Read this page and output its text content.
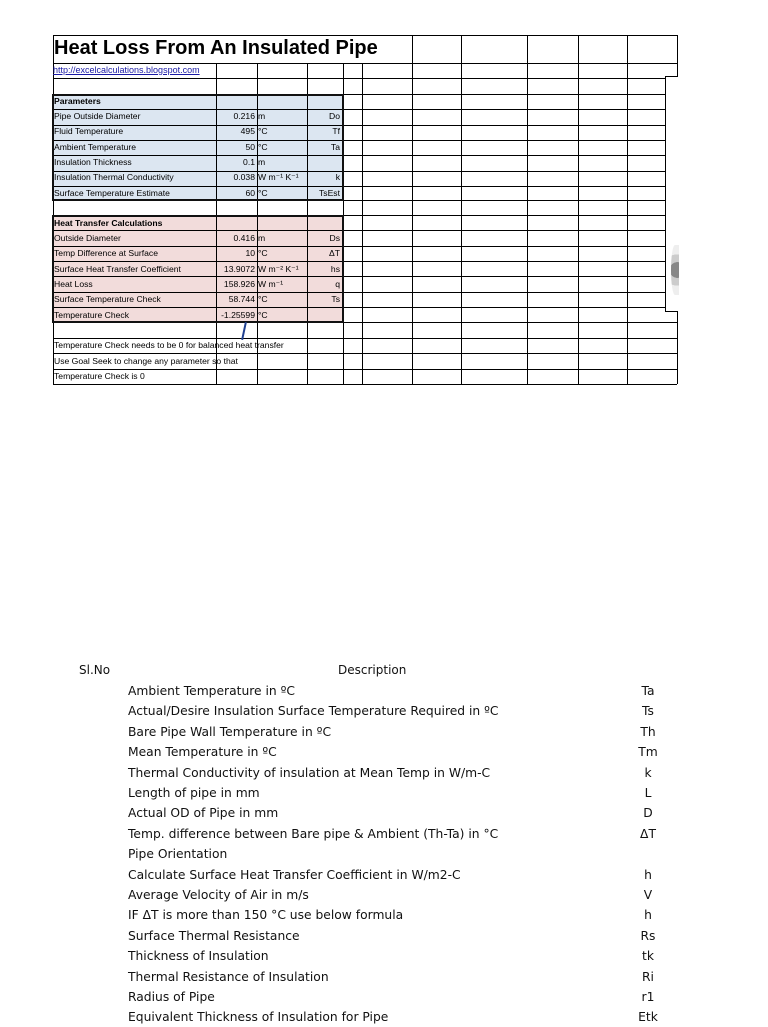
Heat Loss From An Insulated Pipe
http://excelcalculations.blogspot.com
Parameters
Pipe Outside Diameter	0.216 m	Do
Fluid Temperature	495 °C	Tf
Ambient Temperature	50 °C	Ta
Insulation Thickness	0.1 m
Insulation Thermal Conductivity	0.038 W m⁻¹ K⁻¹	k
Surface Temperature Estimate	60 °C	TsEst
Heat Transfer Calculations
Outside Diameter	0.416 m	Ds
Temp Difference at Surface	10 °C	ΔT
Surface Heat Transfer Coefficient	13.9072 W m⁻² K⁻¹	hs
Heat Loss	158.926 W m⁻¹	q
Surface Temperature Check	58.744 °C	Ts
Temperature Check	-1.25599 °C
Temperature Check needs to be 0 for balanced heat transfer
Use Goal Seek to change any parameter so that
Temperature Check is 0
Sl.No	Description
Ambient Temperature in ºC	Ta
Actual/Desire Insulation Surface Temperature Required in ºC	Ts
Bare Pipe Wall Temperature in ºC	Th
Mean Temperature in ºC	Tm
Thermal Conductivity of insulation at Mean Temp in W/m-C	k
Length of pipe in mm	L
Actual OD of Pipe in mm	D
Temp. difference between Bare pipe & Ambient (Th-Ta) in °C	ΔT
Pipe Orientation
Calculate Surface Heat Transfer Coefficient in W/m2-C	h
Average Velocity of Air in m/s	V
IF ΔT is more than 150 °C use below formula	h
Surface Thermal Resistance	Rs
Thickness of Insulation	tk
Thermal Resistance of Insulation	Ri
Radius of Pipe	r1
Equivalent Thickness of Insulation for Pipe	Etk
